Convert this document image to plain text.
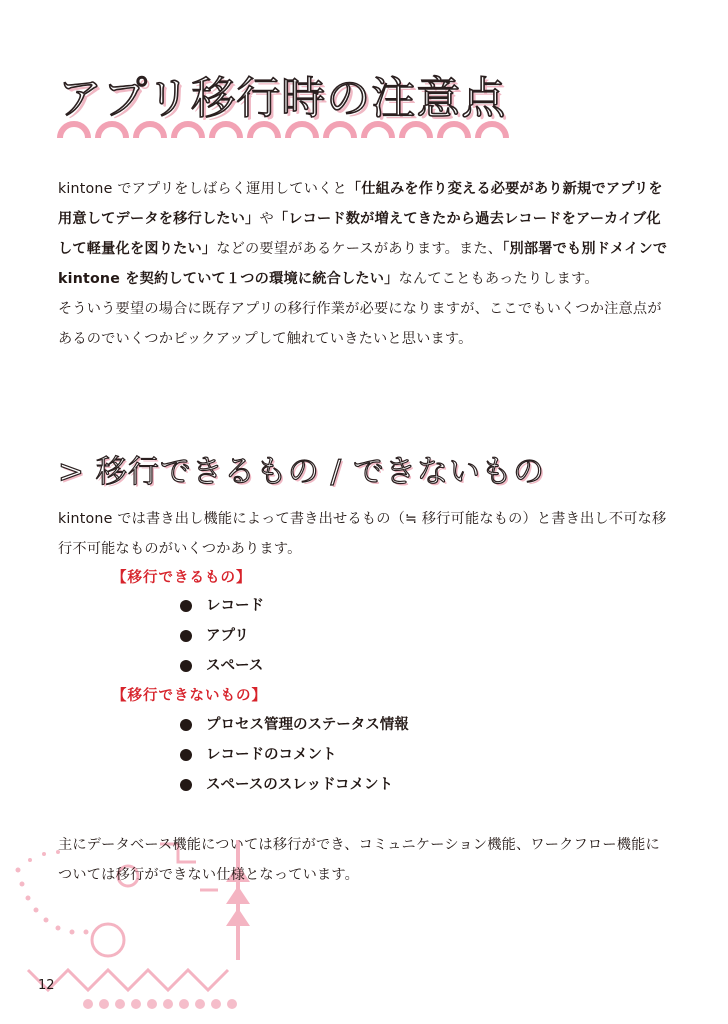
アプリ移行時の注意点
kintone でアプリをしばらく運用していくと「仕組みを作り変える必要があり新規でアプリを用意してデータを移行したい」や「レコード数が増えてきたから過去レコードをアーカイブ化して軽量化を図りたい」などの要望があるケースがあります。また、「別部署でも別ドメインで kintone を契約していて１つの環境に統合したい」なんてこともあったりします。
そういう要望の場合に既存アプリの移行作業が必要になりますが、ここでもいくつか注意点があるのでいくつかピックアップして触れていきたいと思います。
> 移行できるもの / できないもの
kintone では書き出し機能によって書き出せるもの（≒ 移行可能なもの）と書き出し不可な移行不可能なものがいくつかあります。
【移行できるもの】
レコード
アプリ
スペース
【移行できないもの】
プロセス管理のステータス情報
レコードのコメント
スペースのスレッドコメント
主にデータベース機能については移行ができ、コミュニケーション機能、ワークフロー機能については移行ができない仕様となっています。
12
